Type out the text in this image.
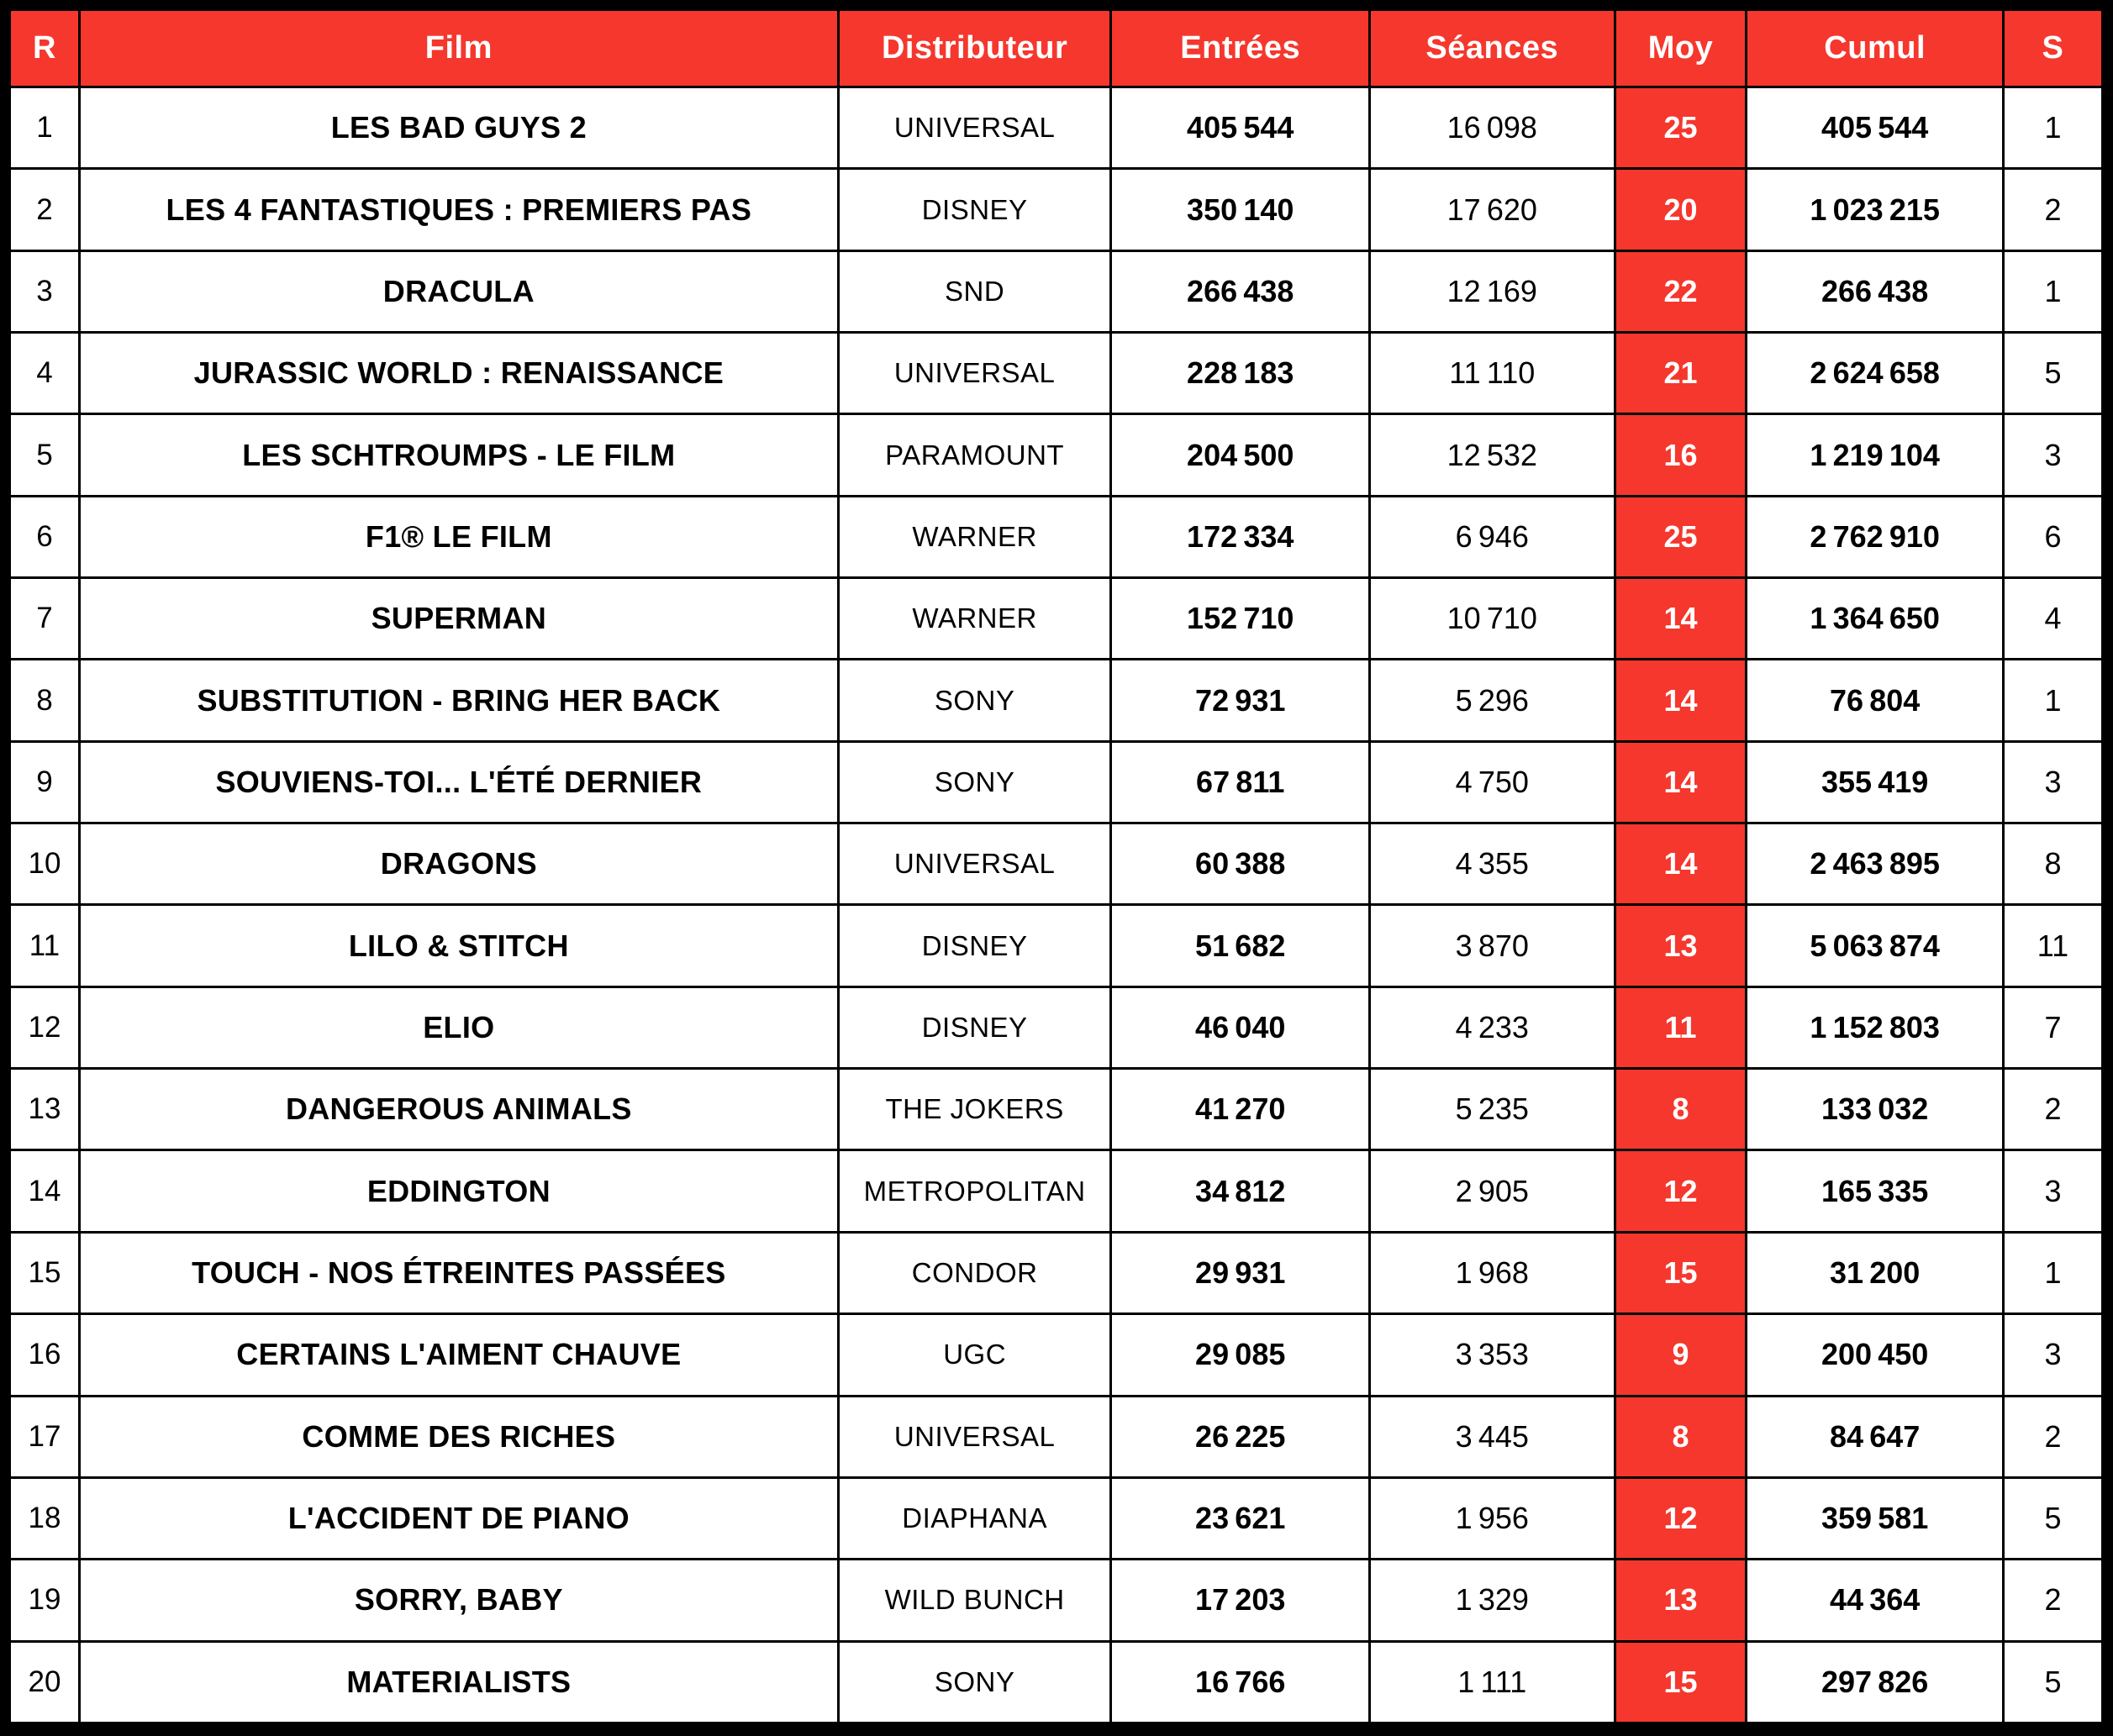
R	Film	Distributeur	Entrées	Séances	Moy	Cumul	S
1	LES BAD GUYS 2	UNIVERSAL	405 544	16 098	25	405 544	1
2	LES 4 FANTASTIQUES : PREMIERS PAS	DISNEY	350 140	17 620	20	1 023 215	2
3	DRACULA	SND	266 438	12 169	22	266 438	1
4	JURASSIC WORLD : RENAISSANCE	UNIVERSAL	228 183	11 110	21	2 624 658	5
5	LES SCHTROUMPS - LE FILM	PARAMOUNT	204 500	12 532	16	1 219 104	3
6	F1® LE FILM	WARNER	172 334	6 946	25	2 762 910	6
7	SUPERMAN	WARNER	152 710	10 710	14	1 364 650	4
8	SUBSTITUTION - BRING HER BACK	SONY	72 931	5 296	14	76 804	1
9	SOUVIENS-TOI... L'ÉTÉ DERNIER	SONY	67 811	4 750	14	355 419	3
10	DRAGONS	UNIVERSAL	60 388	4 355	14	2 463 895	8
11	LILO & STITCH	DISNEY	51 682	3 870	13	5 063 874	11
12	ELIO	DISNEY	46 040	4 233	11	1 152 803	7
13	DANGEROUS ANIMALS	THE JOKERS	41 270	5 235	8	133 032	2
14	EDDINGTON	METROPOLITAN	34 812	2 905	12	165 335	3
15	TOUCH - NOS ÉTREINTES PASSÉES	CONDOR	29 931	1 968	15	31 200	1
16	CERTAINS L'AIMENT CHAUVE	UGC	29 085	3 353	9	200 450	3
17	COMME DES RICHES	UNIVERSAL	26 225	3 445	8	84 647	2
18	L'ACCIDENT DE PIANO	DIAPHANA	23 621	1 956	12	359 581	5
19	SORRY, BABY	WILD BUNCH	17 203	1 329	13	44 364	2
20	MATERIALISTS	SONY	16 766	1 111	15	297 826	5
